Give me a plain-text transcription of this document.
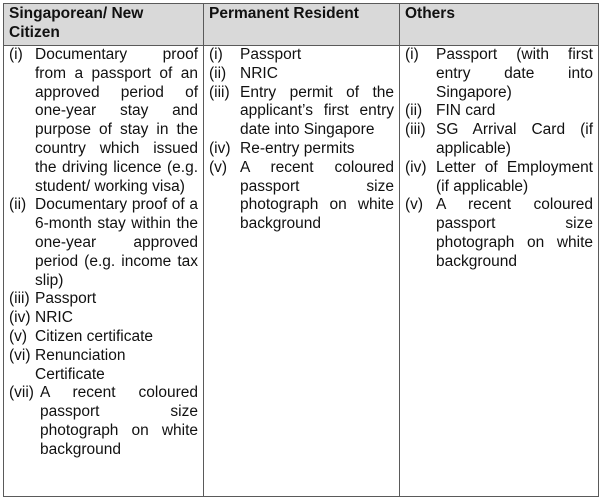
Singaporean/ New Citizen	Permanent Resident	Others

(i) Documentary proof from a passport of an approved period of one-year stay and purpose of stay in the country which issued the driving licence (e.g. student/ working visa)
(ii) Documentary proof of a 6-month stay within the one-year approved period (e.g. income tax slip)
(iii) Passport
(iv) NRIC
(v) Citizen certificate
(vi) Renunciation Certificate
(vii) A recent coloured passport size photograph on white background

(i)	Passport
(ii) NRIC
(iii) Entry permit of the applicant’s first entry date into Singapore
(iv) Re-entry permits
(v) A recent coloured passport size photograph on white background

(i)	Passport (with first entry date into Singapore)
(ii) FIN card
(iii) SG Arrival Card (if applicable)
(iv) Letter of Employment (if applicable)
(v) A recent coloured passport size photograph on white background
